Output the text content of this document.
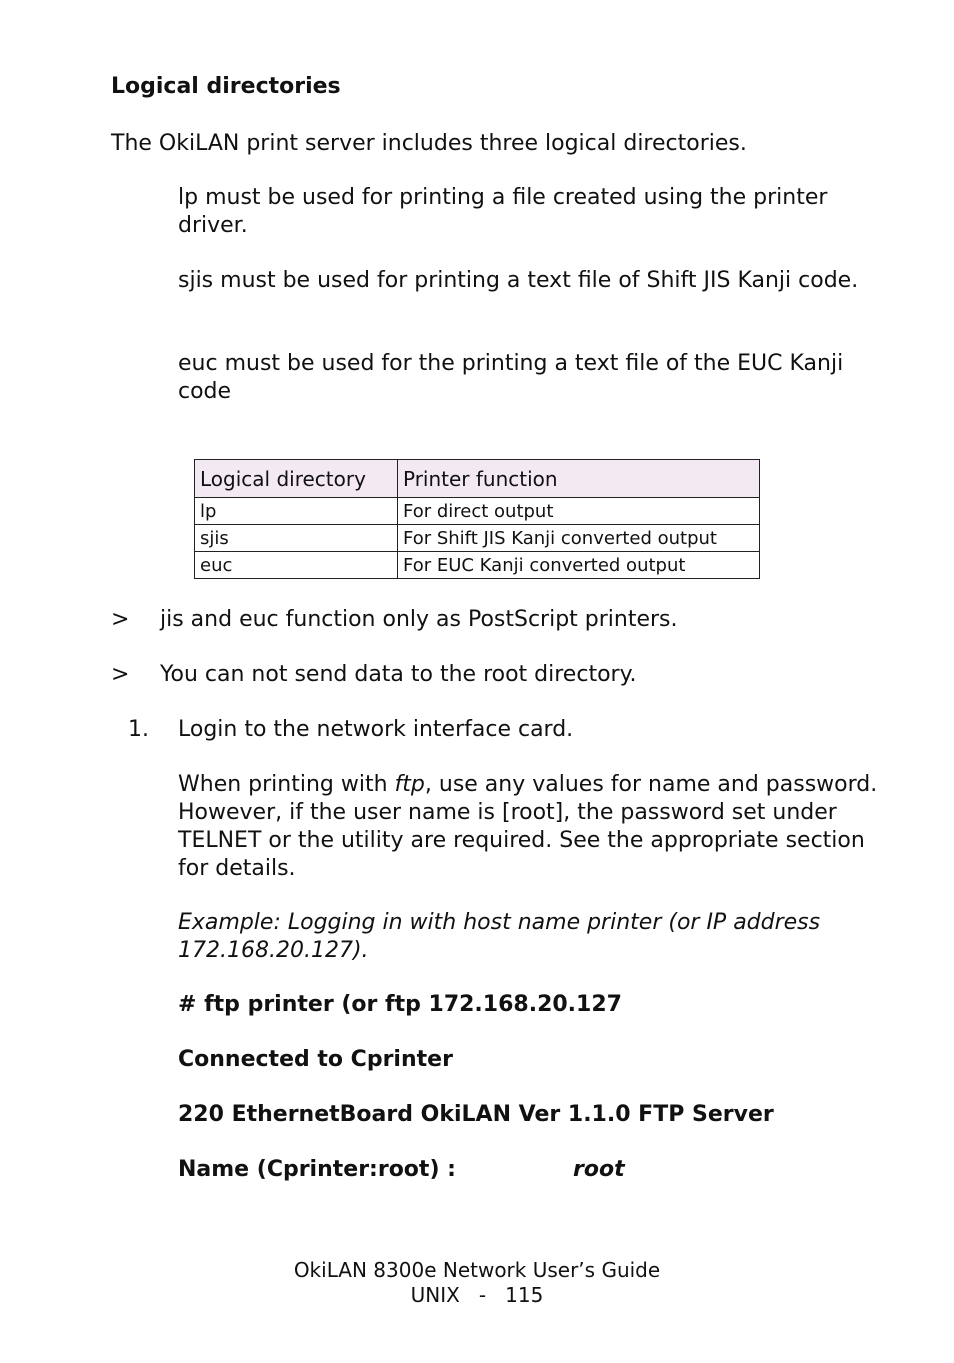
Logical directories
The OkiLAN print server includes three logical directories.
lp must be used for printing a file created using the printer driver.
sjis must be used for printing a text file of Shift JIS Kanji code.
euc must be used for the printing a text file of the EUC Kanji code
Logical directory	Printer function
lp	For direct output
sjis	For Shift JIS Kanji converted output
euc	For EUC Kanji converted output
> jis and euc function only as PostScript printers.
> You can not send data to the root directory.
1. Login to the network interface card.
When printing with ftp, use any values for name and password. However, if the user name is [root], the password set under TELNET or the utility are required. See the appropriate section for details.
Example: Logging in with host name printer (or IP address 172.168.20.127).
# ftp printer (or ftp 172.168.20.127
Connected to Cprinter
220 EthernetBoard OkiLAN Ver 1.1.0 FTP Server
Name (Cprinter:root) :	root
OkiLAN 8300e Network User’s Guide
UNIX   -   115
